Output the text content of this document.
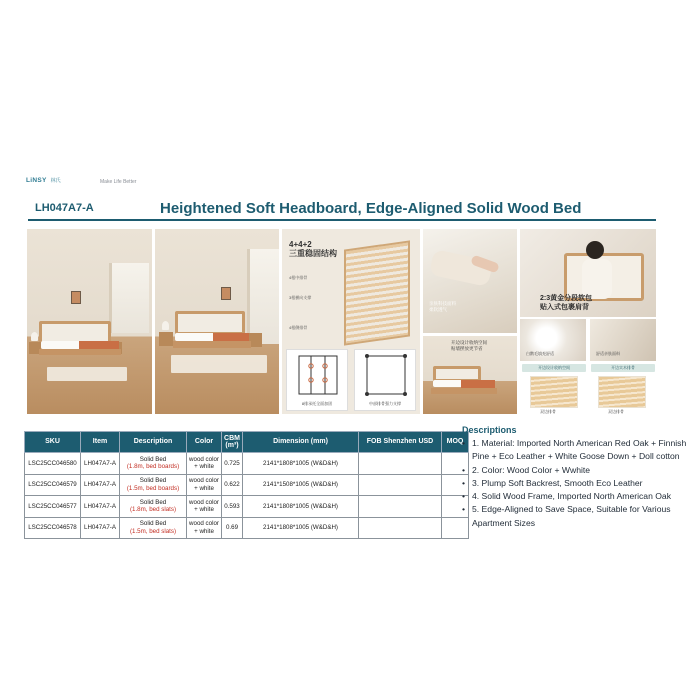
LiNSY 林氏	Make Life Better
LH047A7-A	Heightened Soft Headboard, Edge-Aligned Solid Wood Bed
4+4+2
三重稳固结构
4根中排骨
3根横向支撑
4根侧排骨
8排承托全面加固	中部排骨强力支撑
亲肤科技面料
柔软透气
开边设计收纳空间
贴墙摆放更节省
2:3黄金分段软包 贴入式包裹肩背
白鹅毛填充舒适	舒适亲肤面料
开边设计收纳空间	开边实木排骨
双边排骨	双边排骨
SKU	Item	Description	Color	CBM (m³)	Dimension (mm)	FOB Shenzhen USD	MOQ
LSC25CC046580	LH047A7-A	Solid Bed
(1.8m, bed boards)	wood color + white	0.725	2141*1808*1005 (W&D&H)		
LSC25CC046579	LH047A7-A	Solid Bed
(1.5m, bed boards)	wood color + white	0.622	2141*1508*1005 (W&D&H)		
LSC25CC046577	LH047A7-A	Solid Bed
(1.8m, bed slats)	wood color + white	0.593	2141*1808*1005 (W&D&H)		
LSC25CC046578	LH047A7-A	Solid Bed
(1.5m, bed slats)	wood color + white	0.69	2141*1808*1005 (W&D&H)		
Descriptions
• 1. Material: Imported North American Red Oak + Finnish Pine + Eco Leather + White Goose Down + Doll cotton
• 2. Color: Wood Color + Wwhite
• 3. Plump Soft Backrest, Smooth Eco Leather
• 4. Solid Wood Frame, Imported North American Oak
• 5. Edge-Aligned to Save Space, Suitable for Various Apartment Sizes
